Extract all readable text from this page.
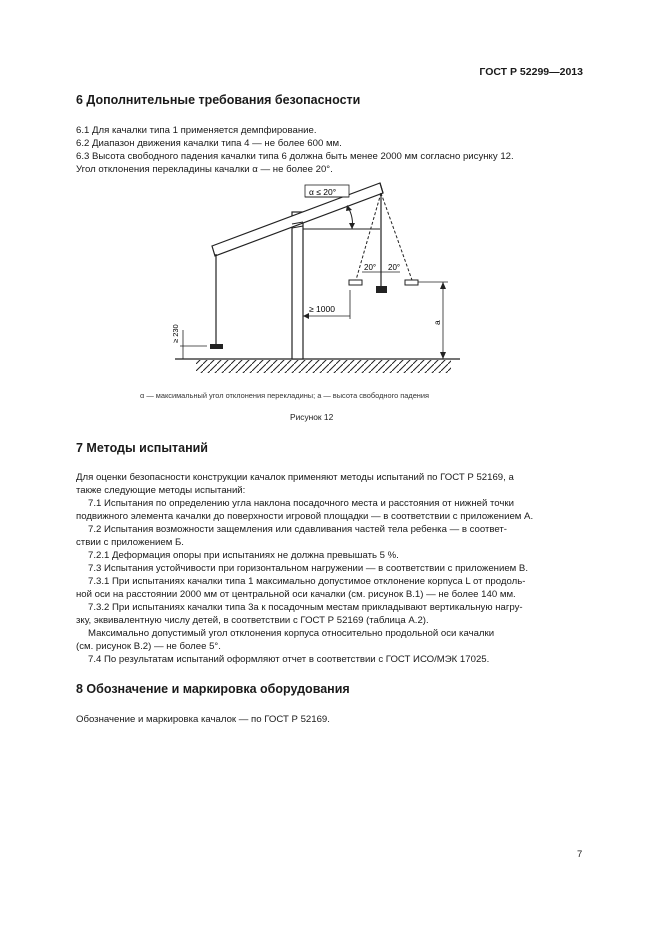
ГОСТ Р 52299—2013
6 Дополнительные требования безопасности
6.1 Для качалки типа 1 применяется демпфирование.
6.2 Диапазон движения качалки типа 4 — не более 600 мм.
6.3 Высота свободного падения качалки типа 6 должна быть менее 2000 мм согласно рисунку 12.
Угол отклонения перекладины качалки α — не более 20°.
α ≤ 20°
≥ 230
20° 20°
≥ 1000
a
α — максимальный угол отклонения перекладины; a — высота свободного падения
Рисунок 12
7 Методы испытаний
Для оценки безопасности конструкции качалок применяют методы испытаний по ГОСТ Р 52169, а
также следующие методы испытаний:
7.1 Испытания по определению угла наклона посадочного места и расстояния от нижней точки
подвижного элемента качалки до поверхности игровой площадки — в соответствии с приложением А.
7.2 Испытания возможности защемления или сдавливания частей тела ребенка — в соответ-
ствии с приложением Б.
7.2.1 Деформация опоры при испытаниях не должна превышать 5 %.
7.3 Испытания устойчивости при горизонтальном нагружении — в соответствии с приложением В.
7.3.1 При испытаниях качалки типа 1 максимально допустимое отклонение корпуса L от продоль-
ной оси на расстоянии 2000 мм от центральной оси качалки (см. рисунок В.1) — не более 140 мм.
7.3.2 При испытаниях качалки типа 3а к посадочным местам прикладывают вертикальную нагру-
зку, эквивалентную числу детей, в соответствии с ГОСТ Р 52169 (таблица А.2).
Максимально допустимый угол отклонения корпуса относительно продольной оси качалки
(см. рисунок В.2) — не более 5°.
7.4 По результатам испытаний оформляют отчет в соответствии с ГОСТ ИСО/МЭК 17025.
8 Обозначение и маркировка оборудования
Обозначение и маркировка качалок — по ГОСТ Р 52169.
7
